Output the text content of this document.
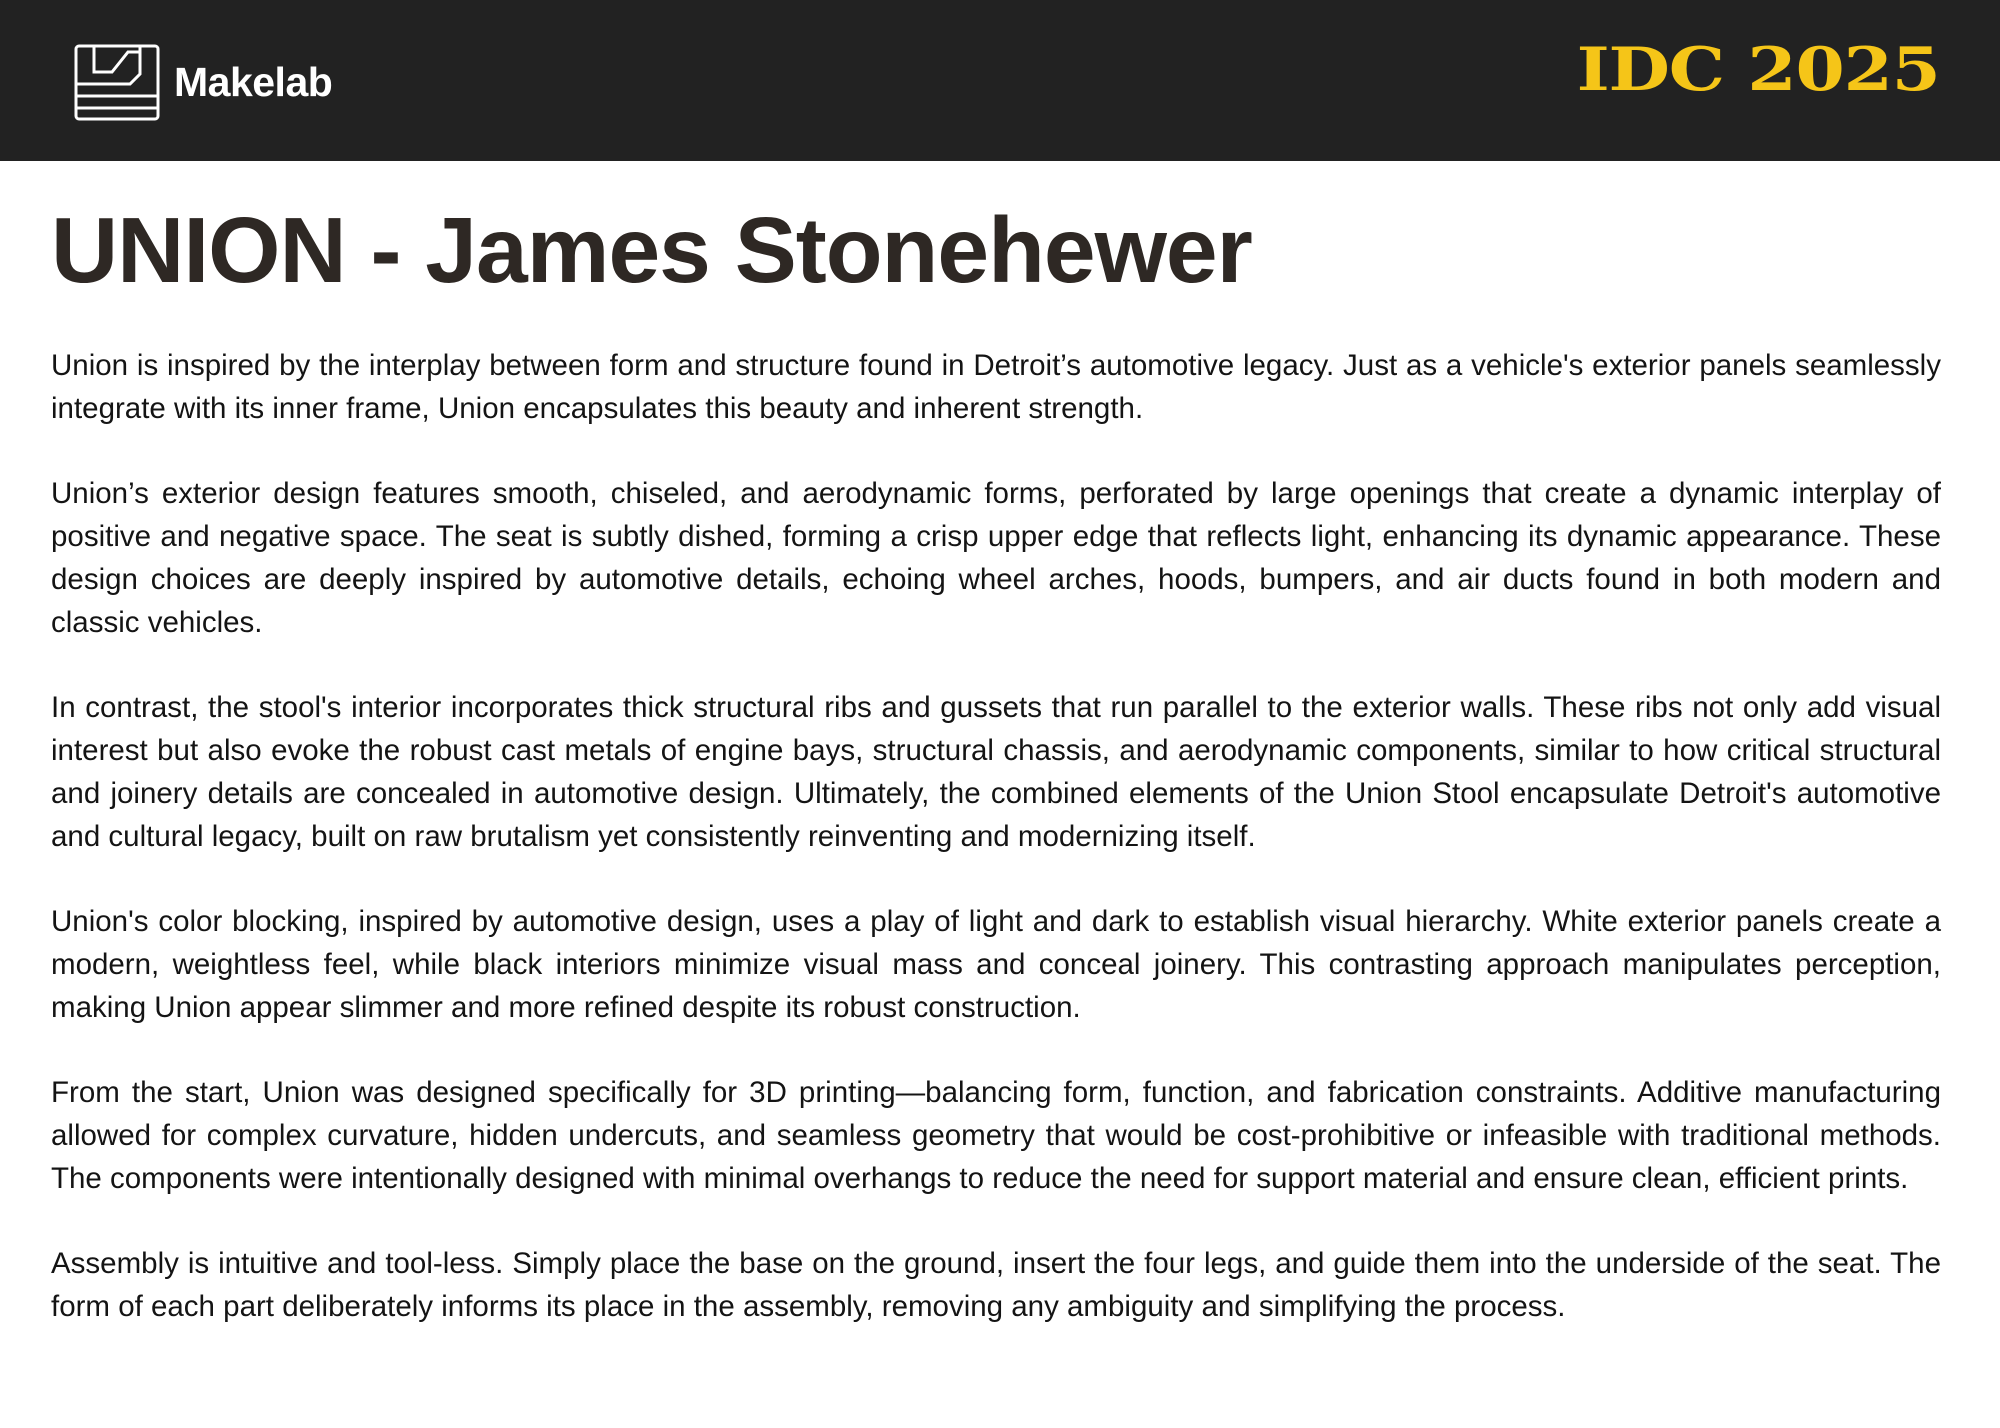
Makelab	IDC 2025
UNION - James Stonehewer

Union is inspired by the interplay between form and structure found in Detroit’s automotive legacy. Just as a vehicle's exterior panels seamlessly integrate with its inner frame, Union encapsulates this beauty and inherent strength.

Union’s exterior design features smooth, chiseled, and aerodynamic forms, perforated by large openings that create a dynamic interplay of positive and negative space. The seat is subtly dished, forming a crisp upper edge that reflects light, enhancing its dynamic appearance. These design choices are deeply inspired by automotive details, echoing wheel arches, hoods, bumpers, and air ducts found in both modern and classic vehicles.

In contrast, the stool's interior incorporates thick structural ribs and gussets that run parallel to the exterior walls. These ribs not only add visual interest but also evoke the robust cast metals of engine bays, structural chassis, and aerodynamic components, similar to how critical structural and joinery details are concealed in automotive design. Ultimately, the combined elements of the Union Stool encapsulate Detroit's automotive and cultural legacy, built on raw brutalism yet consistently reinventing and modernizing itself.

Union's color blocking, inspired by automotive design, uses a play of light and dark to establish visual hierarchy. White exterior panels create a modern, weightless feel, while black interiors minimize visual mass and conceal joinery. This contrasting approach manipulates perception, making Union appear slimmer and more refined despite its robust construction.

From the start, Union was designed specifically for 3D printing—balancing form, function, and fabrication constraints. Additive manufacturing allowed for complex curvature, hidden undercuts, and seamless geometry that would be cost-prohibitive or infeasible with traditional methods. The components were intentionally designed with minimal overhangs to reduce the need for support material and ensure clean, efficient prints.

Assembly is intuitive and tool-less. Simply place the base on the ground, insert the four legs, and guide them into the underside of the seat. The form of each part deliberately informs its place in the assembly, removing any ambiguity and simplifying the process.
